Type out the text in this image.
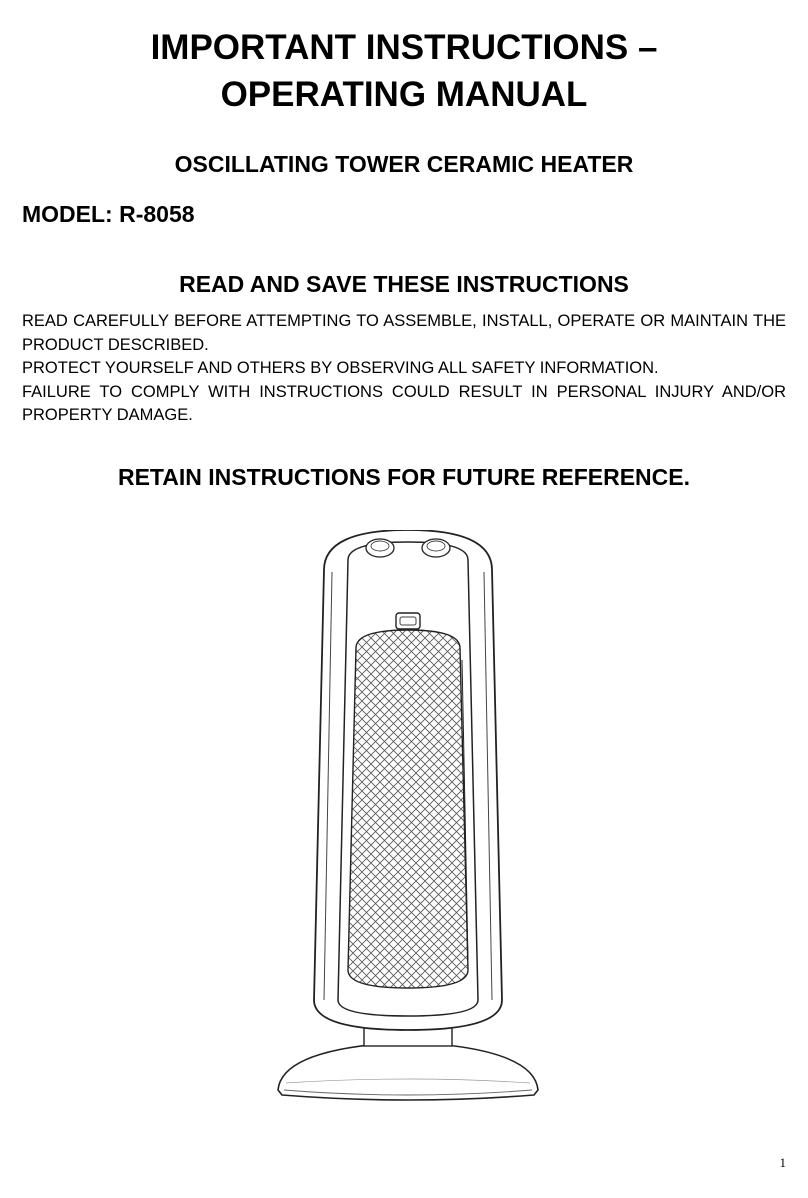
IMPORTANT INSTRUCTIONS –
OPERATING MANUAL
OSCILLATING TOWER CERAMIC HEATER
MODEL: R-8058
READ AND SAVE THESE INSTRUCTIONS

READ CAREFULLY BEFORE ATTEMPTING TO ASSEMBLE, INSTALL, OPERATE OR MAINTAIN THE PRODUCT DESCRIBED.

PROTECT YOURSELF AND OTHERS BY OBSERVING ALL SAFETY INFORMATION.

FAILURE TO COMPLY WITH INSTRUCTIONS COULD RESULT IN PERSONAL INJURY AND/OR PROPERTY DAMAGE.

RETAIN INSTRUCTIONS FOR FUTURE REFERENCE.
1
